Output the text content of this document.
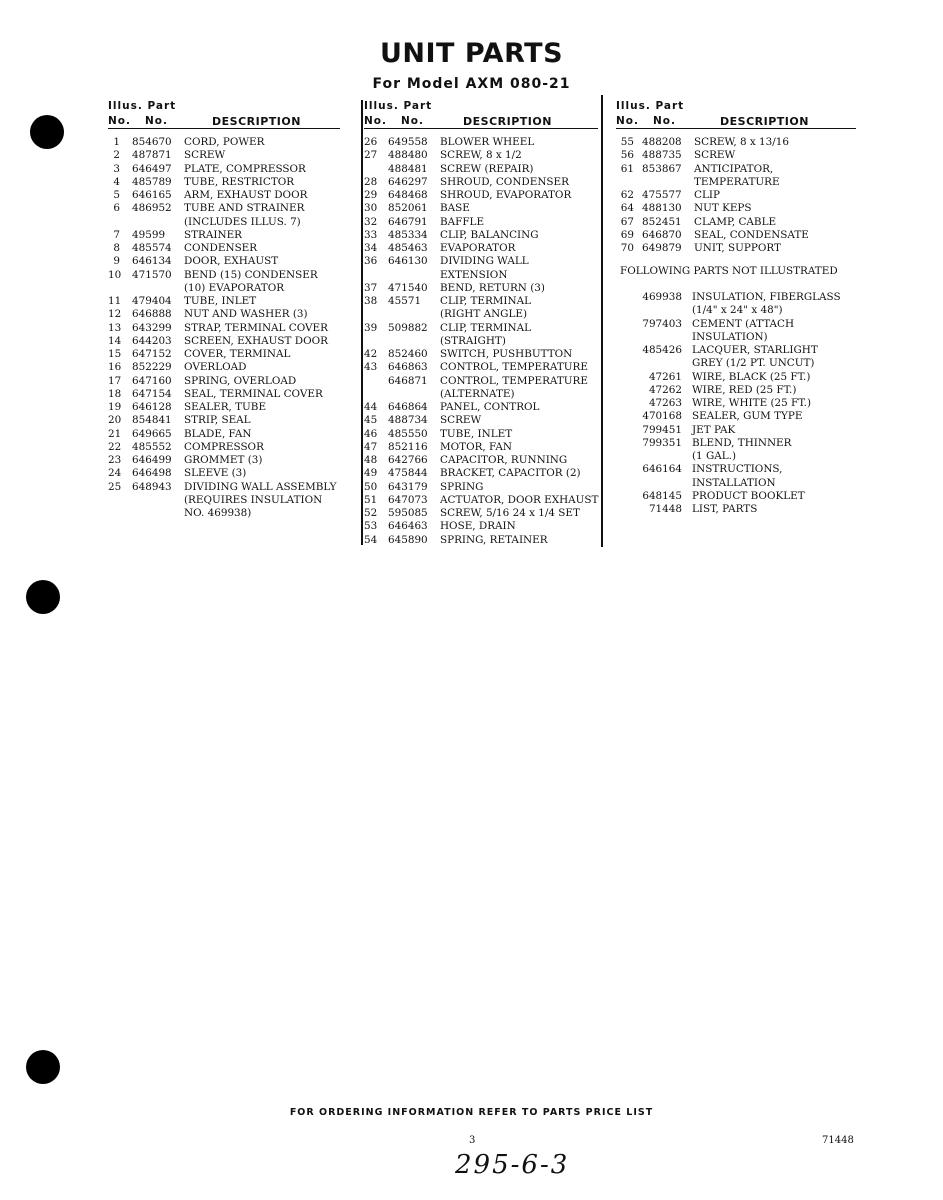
UNIT PARTS
For Model AXM 080-21
Illus. Part
No.   No.	DESCRIPTION
1 854670 CORD, POWER
2 487871 SCREW
3 646497 PLATE, COMPRESSOR
4 485789 TUBE, RESTRICTOR
5 646165 ARM, EXHAUST DOOR
6 486952 TUBE AND STRAINER
(INCLUDES ILLUS. 7)
7 49599 STRAINER
8 485574 CONDENSER
9 646134 DOOR, EXHAUST
10 471570 BEND (15) CONDENSER
(10) EVAPORATOR
11 479404 TUBE, INLET
12 646888 NUT AND WASHER (3)
13 643299 STRAP, TERMINAL COVER
14 644203 SCREEN, EXHAUST DOOR
15 647152 COVER, TERMINAL
16 852229 OVERLOAD
17 647160 SPRING, OVERLOAD
18 647154 SEAL, TERMINAL COVER
19 646128 SEALER, TUBE
20 854841 STRIP, SEAL
21 649665 BLADE, FAN
22 485552 COMPRESSOR
23 646499 GROMMET (3)
24 646498 SLEEVE (3)
25 648943 DIVIDING WALL ASSEMBLY
(REQUIRES INSULATION
NO. 469938)
Illus. Part
No.   No.	DESCRIPTION
26 649558 BLOWER WHEEL
27 488480 SCREW, 8 x 1/2
488481 SCREW (REPAIR)
28 646297 SHROUD, CONDENSER
29 648468 SHROUD, EVAPORATOR
30 852061 BASE
32 646791 BAFFLE
33 485334 CLIP, BALANCING
34 485463 EVAPORATOR
36 646130 DIVIDING WALL
EXTENSION
37 471540 BEND, RETURN (3)
38 45571 CLIP, TERMINAL
(RIGHT ANGLE)
39 509882 CLIP, TERMINAL
(STRAIGHT)
42 852460 SWITCH, PUSHBUTTON
43 646863 CONTROL, TEMPERATURE
646871 CONTROL, TEMPERATURE
(ALTERNATE)
44 646864 PANEL, CONTROL
45 488734 SCREW
46 485550 TUBE, INLET
47 852116 MOTOR, FAN
48 642766 CAPACITOR, RUNNING
49 475844 BRACKET, CAPACITOR (2)
50 643179 SPRING
51 647073 ACTUATOR, DOOR EXHAUST
52 595085 SCREW, 5/16 24 x 1/4 SET
53 646463 HOSE, DRAIN
54 645890 SPRING, RETAINER
Illus. Part
No.   No.	DESCRIPTION
55 488208 SCREW, 8 x 13/16
56 488735 SCREW
61 853867 ANTICIPATOR,
TEMPERATURE
62 475577 CLIP
64 488130 NUT KEPS
67 852451 CLAMP, CABLE
69 646870 SEAL, CONDENSATE
70 649879 UNIT, SUPPORT
FOLLOWING PARTS NOT ILLUSTRATED
469938 INSULATION, FIBERGLASS
(1/4" x 24" x 48")
797403 CEMENT (ATTACH
INSULATION)
485426 LACQUER, STARLIGHT
GREY (1/2 PT. UNCUT)
47261 WIRE, BLACK (25 FT.)
47262 WIRE, RED (25 FT.)
47263 WIRE, WHITE (25 FT.)
470168 SEALER, GUM TYPE
799451 JET PAK
799351 BLEND, THINNER
(1 GAL.)
646164 INSTRUCTIONS,
INSTALLATION
648145 PRODUCT BOOKLET
71448 LIST, PARTS
FOR ORDERING INFORMATION REFER TO PARTS PRICE LIST
3	71448
295-6-3
